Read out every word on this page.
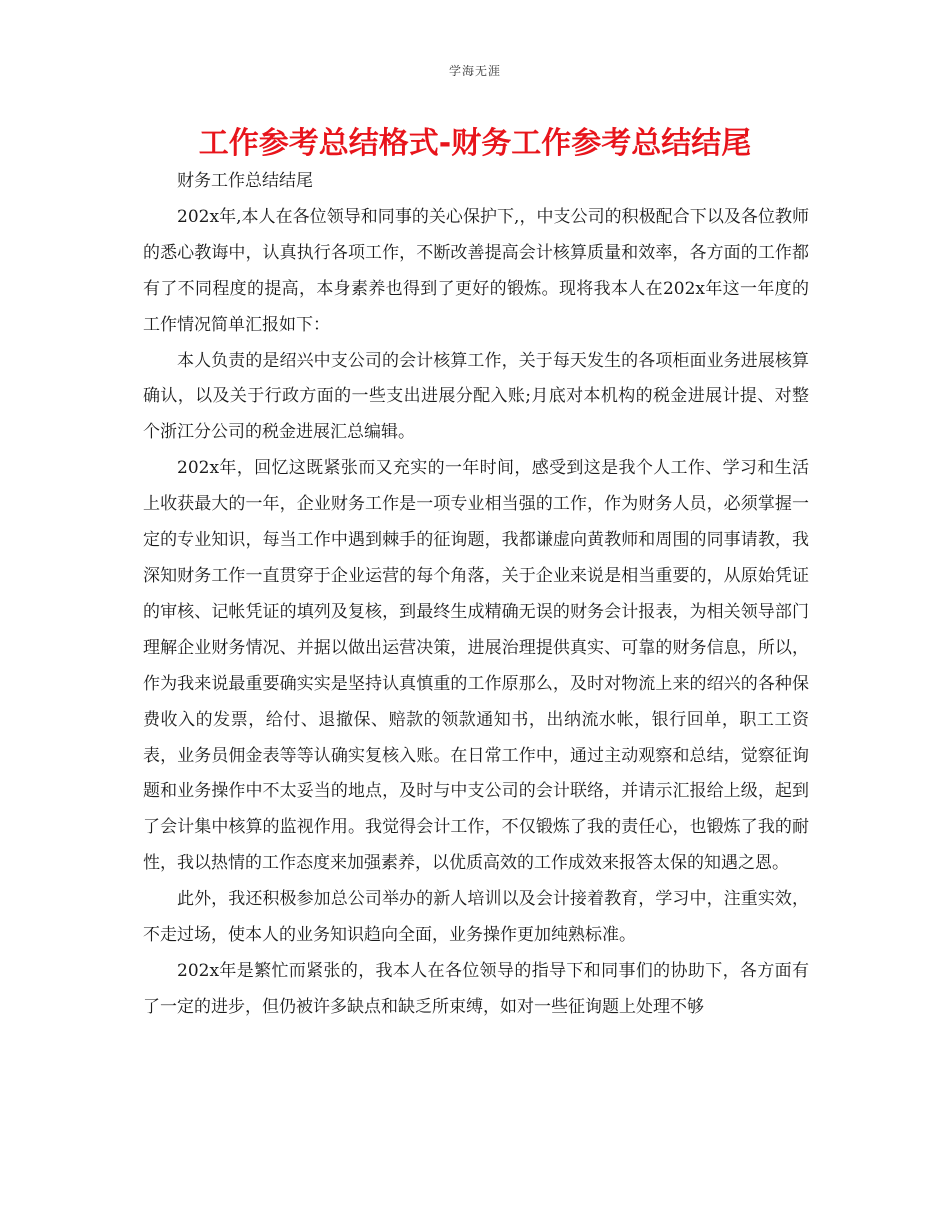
学海无涯
工作参考总结格式-财务工作参考总结结尾

财务工作总结结尾

202x年,本人在各位领导和同事的关心保护下,，中支公司的积极配合下以及各位教师的悉心教诲中，认真执行各项工作，不断改善提高会计核算质量和效率，各方面的工作都有了不同程度的提高，本身素养也得到了更好的锻炼。现将我本人在202x年这一年度的工作情况简单汇报如下：

本人负责的是绍兴中支公司的会计核算工作，关于每天发生的各项柜面业务进展核算确认，以及关于行政方面的一些支出进展分配入账;月底对本机构的税金进展计提、对整个浙江分公司的税金进展汇总编辑。

202x年，回忆这既紧张而又充实的一年时间，感受到这是我个人工作、学习和生活上收获最大的一年，企业财务工作是一项专业相当强的工作，作为财务人员，必须掌握一定的专业知识，每当工作中遇到棘手的征询题，我都谦虚向黄教师和周围的同事请教，我深知财务工作一直贯穿于企业运营的每个角落，关于企业来说是相当重要的，从原始凭证的审核、记帐凭证的填列及复核，到最终生成精确无误的财务会计报表，为相关领导部门理解企业财务情况、并据以做出运营决策，进展治理提供真实、可靠的财务信息，所以，作为我来说最重要确实实是坚持认真慎重的工作原那么，及时对物流上来的绍兴的各种保费收入的发票，给付、退撤保、赔款的领款通知书，出纳流水帐，银行回单，职工工资表，业务员佣金表等等认确实复核入账。在日常工作中，通过主动观察和总结，觉察征询题和业务操作中不太妥当的地点，及时与中支公司的会计联络，并请示汇报给上级，起到了会计集中核算的监视作用。我觉得会计工作，不仅锻炼了我的责任心，也锻炼了我的耐性，我以热情的工作态度来加强素养，以优质高效的工作成效来报答太保的知遇之恩。

此外，我还积极参加总公司举办的新人培训以及会计接着教育，学习中，注重实效，不走过场，使本人的业务知识趋向全面，业务操作更加纯熟标准。

202x年是繁忙而紧张的，我本人在各位领导的指导下和同事们的协助下，各方面有了一定的进步，但仍被许多缺点和缺乏所束缚，如对一些征询题上处理不够
